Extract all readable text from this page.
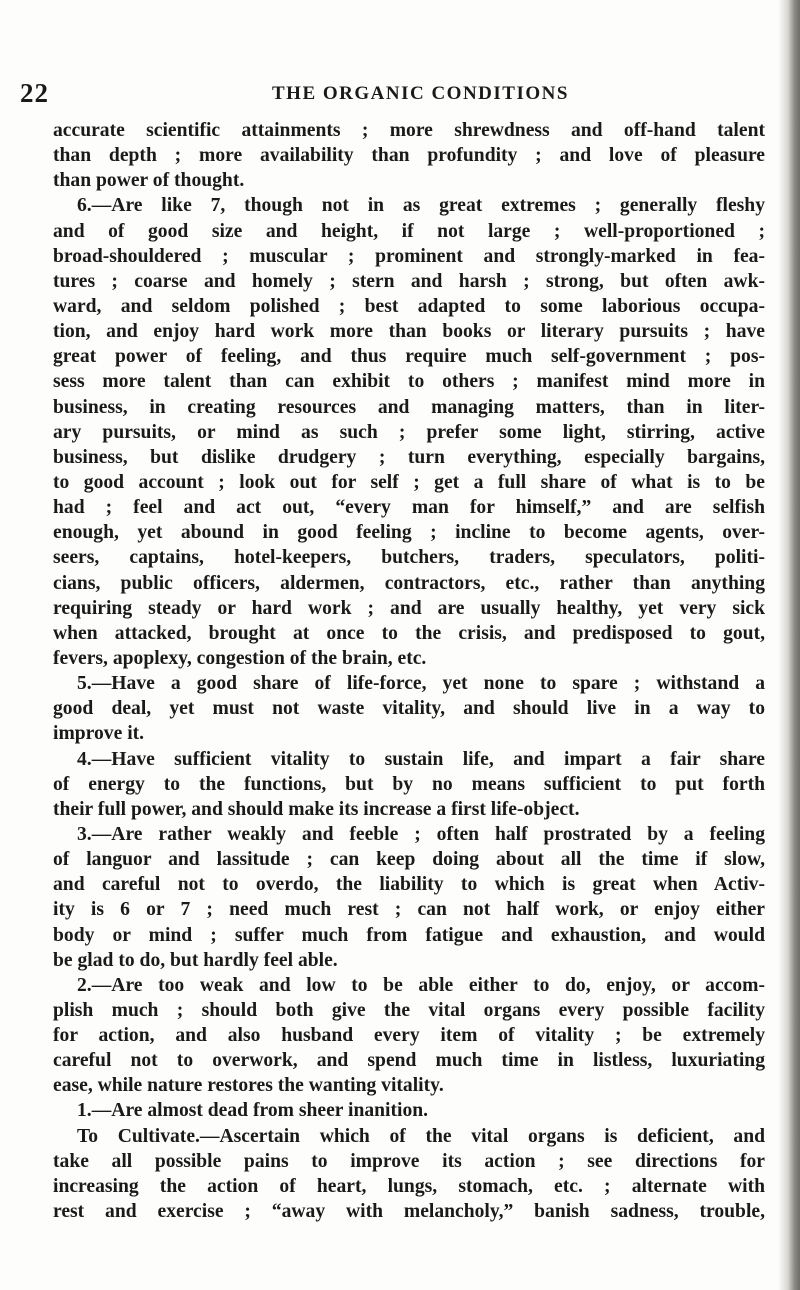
22	THE ORGANIC CONDITIONS
accurate scientific attainments ; more shrewdness and off-hand talent
than depth ; more availability than profundity ; and love of pleasure
than power of thought.
6.—Are like 7, though not in as great extremes ; generally fleshy
and of good size and height, if not large ; well-proportioned ;
broad-shouldered ; muscular ; prominent and strongly-marked in fea-
tures ; coarse and homely ; stern and harsh ; strong, but often awk-
ward, and seldom polished ; best adapted to some laborious occupa-
tion, and enjoy hard work more than books or literary pursuits ; have
great power of feeling, and thus require much self-government ; pos-
sess more talent than can exhibit to others ; manifest mind more in
business, in creating resources and managing matters, than in liter-
ary pursuits, or mind as such ; prefer some light, stirring, active
business, but dislike drudgery ; turn everything, especially bargains,
to good account ; look out for self ; get a full share of what is to be
had ; feel and act out, “every man for himself,” and are selfish
enough, yet abound in good feeling ; incline to become agents, over-
seers, captains, hotel-keepers, butchers, traders, speculators, politi-
cians, public officers, aldermen, contractors, etc., rather than anything
requiring steady or hard work ; and are usually healthy, yet very sick
when attacked, brought at once to the crisis, and predisposed to gout,
fevers, apoplexy, congestion of the brain, etc.
5.—Have a good share of life-force, yet none to spare ; withstand a
good deal, yet must not waste vitality, and should live in a way to
improve it.
4.—Have sufficient vitality to sustain life, and impart a fair share
of energy to the functions, but by no means sufficient to put forth
their full power, and should make its increase a first life-object.
3.—Are rather weakly and feeble ; often half prostrated by a feeling
of languor and lassitude ; can keep doing about all the time if slow,
and careful not to overdo, the liability to which is great when Activ-
ity is 6 or 7 ; need much rest ; can not half work, or enjoy either
body or mind ; suffer much from fatigue and exhaustion, and would
be glad to do, but hardly feel able.
2.—Are too weak and low to be able either to do, enjoy, or accom-
plish much ; should both give the vital organs every possible facility
for action, and also husband every item of vitality ; be extremely
careful not to overwork, and spend much time in listless, luxuriating
ease, while nature restores the wanting vitality.
1.—Are almost dead from sheer inanition.
To Cultivate.—Ascertain which of the vital organs is deficient, and
take all possible pains to improve its action ; see directions for
increasing the action of heart, lungs, stomach, etc. ; alternate with
rest and exercise ; “away with melancholy,” banish sadness, trouble,
